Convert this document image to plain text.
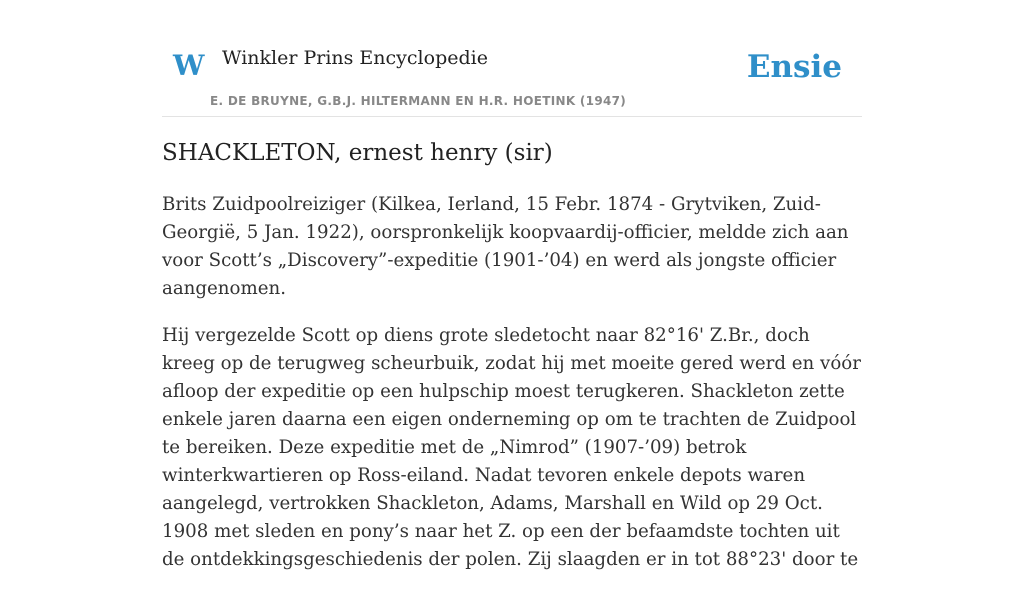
W Winkler Prins Encyclopedie
E. DE BRUYNE, G.B.J. HILTERMANN EN H.R. HOETINK (1947)
Ensie
SHACKLETON, ernest henry (sir)

Brits Zuidpoolreiziger (Kilkea, Ierland, 15 Febr. 1874 - Grytviken, Zuid-Georgië, 5 Jan. 1922), oorspronkelijk koopvaardij-officier, meldde zich aan voor Scott’s „Discovery”-expeditie (1901-’04) en werd als jongste officier aangenomen.

Hij vergezelde Scott op diens grote sledetocht naar 82°16' Z.Br., doch kreeg op de terugweg scheurbuik, zodat hij met moeite gered werd en vóór afloop der expeditie op een hulpschip moest terugkeren. Shackleton zette enkele jaren daarna een eigen onderneming op om te trachten de Zuidpool te bereiken. Deze expeditie met de „Nimrod” (1907-’09) betrok winterkwartieren op Ross-eiland. Nadat tevoren enkele depots waren aangelegd, vertrokken Shackleton, Adams, Marshall en Wild op 29 Oct. 1908 met sleden en pony’s naar het Z. op een der befaamdste tochten uit de ontdekkingsgeschiedenis der polen. Zij slaagden er in tot 88°23' door te
